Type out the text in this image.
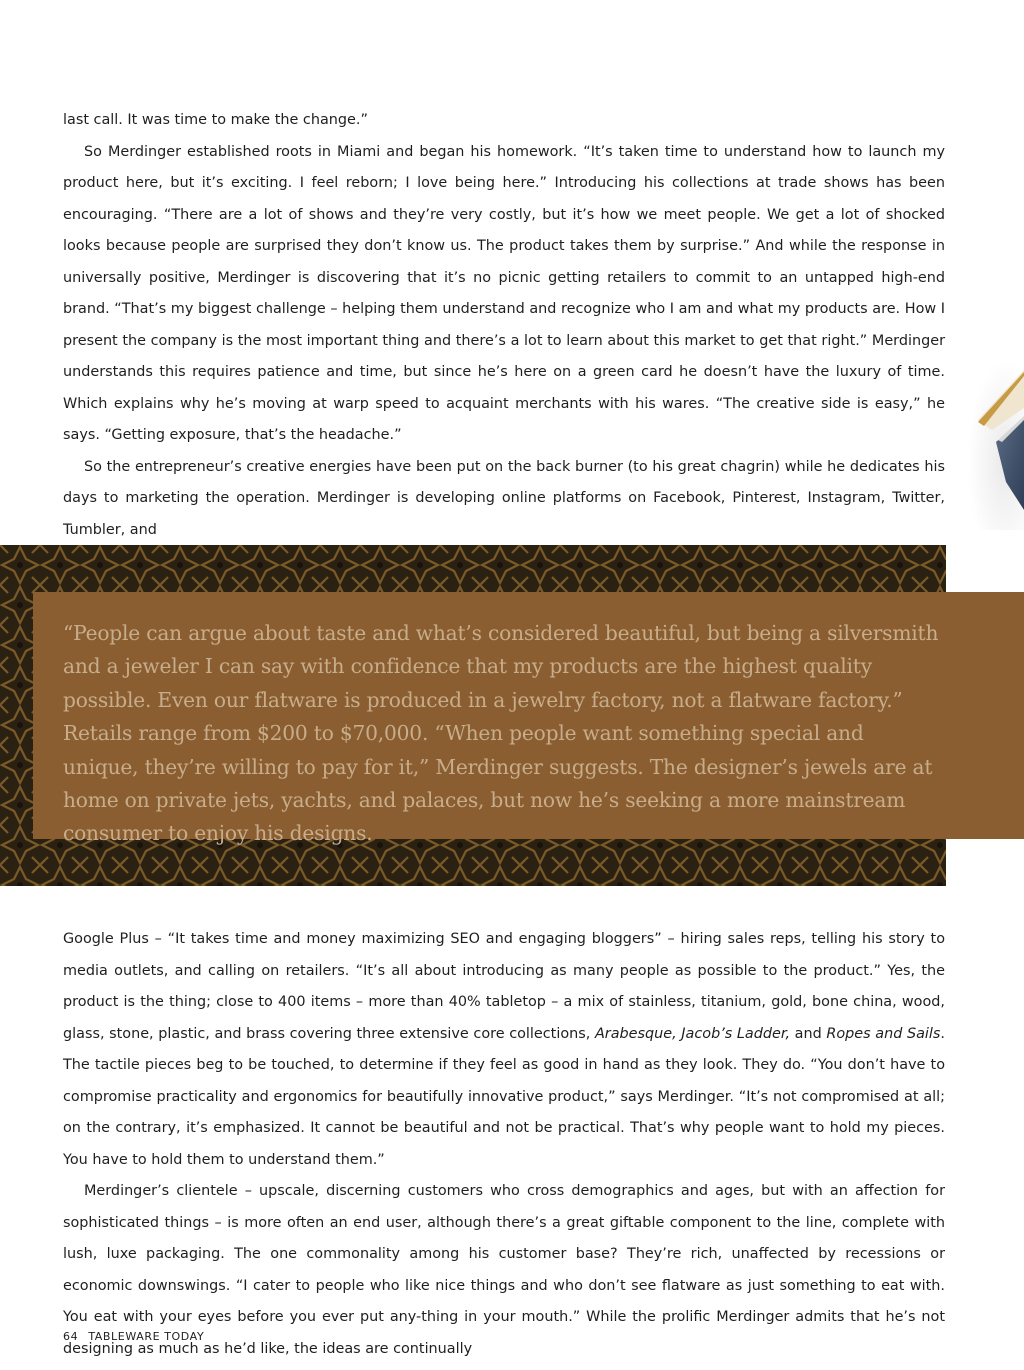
last call. It was time to make the change.”

So Merdinger established roots in Miami and began his homework. “It’s taken time to understand how to launch my product here, but it’s exciting. I feel reborn; I love being here.” Introducing his collections at trade shows has been encouraging. “There are a lot of shows and they’re very costly, but it’s how we meet people. We get a lot of shocked looks because people are surprised they don’t know us. The product takes them by surprise.” And while the response in universally positive, Merdinger is discovering that it’s no picnic getting retailers to commit to an untapped high-end brand. “That’s my biggest challenge – helping them understand and recognize who I am and what my products are. How I present the company is the most important thing and there’s a lot to learn about this market to get that right.” Merdinger understands this requires patience and time, but since he’s here on a green card he doesn’t have the luxury of time. Which explains why he’s moving at warp speed to acquaint merchants with his wares. “The creative side is easy,” he says. “Getting exposure, that’s the headache.”

So the entrepreneur’s creative energies have been put on the back burner (to his great chagrin) while he dedicates his days to marketing the operation. Merdinger is developing online platforms on Facebook, Pinterest, Instagram, Twitter, Tumbler, and

“People can argue about taste and what’s considered beautiful, but being a silversmith and a jeweler I can say with confidence that my products are the highest quality possible. Even our flatware is produced in a jewelry factory, not a flatware factory.” Retails range from $200 to $70,000. “When people want something special and unique, they’re willing to pay for it,” Merdinger suggests. The designer’s jewels are at home on private jets, yachts, and palaces, but now he’s seeking a more mainstream consumer to enjoy his designs.

Google Plus – “It takes time and money maximizing SEO and engaging bloggers” – hiring sales reps, telling his story to media outlets, and calling on retailers. “It’s all about introducing as many people as possible to the product.” Yes, the product is the thing; close to 400 items – more than 40% tabletop – a mix of stainless, titanium, gold, bone china, wood, glass, stone, plastic, and brass covering three extensive core collections, Arabesque, Jacob’s Ladder, and Ropes and Sails. The tactile pieces beg to be touched, to determine if they feel as good in hand as they look. They do. “You don’t have to compromise practicality and ergonomics for beautifully innovative product,” says Merdinger. “It’s not compromised at all; on the contrary, it’s emphasized. It cannot be beautiful and not be practical. That’s why people want to hold my pieces. You have to hold them to understand them.”

Merdinger’s clientele – upscale, discerning customers who cross demographics and ages, but with an affection for sophisticated things – is more often an end user, although there’s a great giftable component to the line, complete with lush, luxe packaging. The one commonality among his customer base? They’re rich, unaffected by recessions or economic downswings. “I cater to people who like nice things and who don’t see flatware as just something to eat with. You eat with your eyes before you ever put any-thing in your mouth.” While the prolific Merdinger admits that he’s not designing as much as he’d like, the ideas are continually

64 TABLEWARE TODAY
